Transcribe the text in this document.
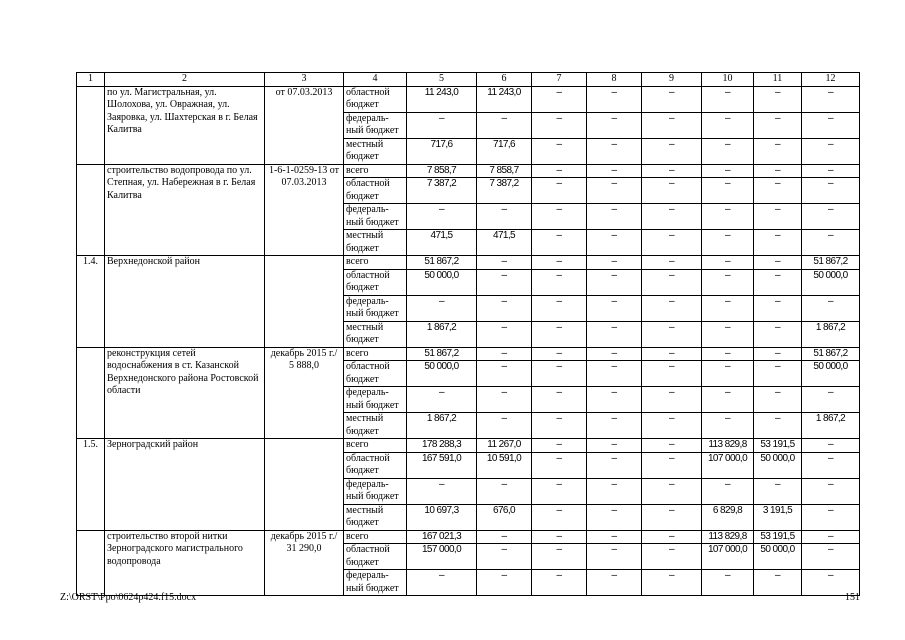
1	2	3	4	5	6	7	8	9	10	11	12
	по ул. Магистральная, ул. Шолохова, ул. Овражная, ул. Заяровка, ул. Шахтерская в г. Белая Калитва	от 07.03.2013	областной бюджет	11 243,0	11 243,0	–	–	–	–	–	–
			федераль-ный бюджет	–	–	–	–	–	–	–	–
			местный бюджет	717,6	717,6	–	–	–	–	–	–
	строительство водопровода по ул. Степная, ул. Набережная в г. Белая Калитва	1-6-1-0259-13 от 07.03.2013	всего	7 858,7	7 858,7	–	–	–	–	–	–
			областной бюджет	7 387,2	7 387,2	–	–	–	–	–	–
			федераль-ный бюджет	–	–	–	–	–	–	–	–
			местный бюджет	471,5	471,5	–	–	–	–	–	–
1.4.	Верхнедонской район		всего	51 867,2	–	–	–	–	–	–	51 867,2
			областной бюджет	50 000,0	–	–	–	–	–	–	50 000,0
			федераль-ный бюджет	–	–	–	–	–	–	–	–
			местный бюджет	1 867,2	–	–	–	–	–	–	1 867,2
	реконструкция сетей водоснабжения в ст. Казанской Верхнедонского района Ростовской области	декабрь 2015 г./ 5 888,0	всего	51 867,2	–	–	–	–	–	–	51 867,2
			областной бюджет	50 000,0	–	–	–	–	–	–	50 000,0
			федераль-ный бюджет	–	–	–	–	–	–	–	–
			местный бюджет	1 867,2	–	–	–	–	–	–	1 867,2
1.5.	Зерноградский район		всего	178 288,3	11 267,0	–	–	–	113 829,8	53 191,5	–
			областной бюджет	167 591,0	10 591,0	–	–	–	107 000,0	50 000,0	–
			федераль-ный бюджет	–	–	–	–	–	–	–	–
			местный бюджет	10 697,3	676,0	–	–	–	6 829,8	3 191,5	–
	строительство второй нитки Зерноградского магистрального водопровода	декабрь 2015 г./ 31 290,0	всего	167 021,3	–	–	–	–	113 829,8	53 191,5	–
			областной бюджет	157 000,0	–	–	–	–	107 000,0	50 000,0	–
			федераль-ный бюджет	–	–	–	–	–	–	–	–
Z:\ORST\Ppo\0624p424.f15.docx	151
